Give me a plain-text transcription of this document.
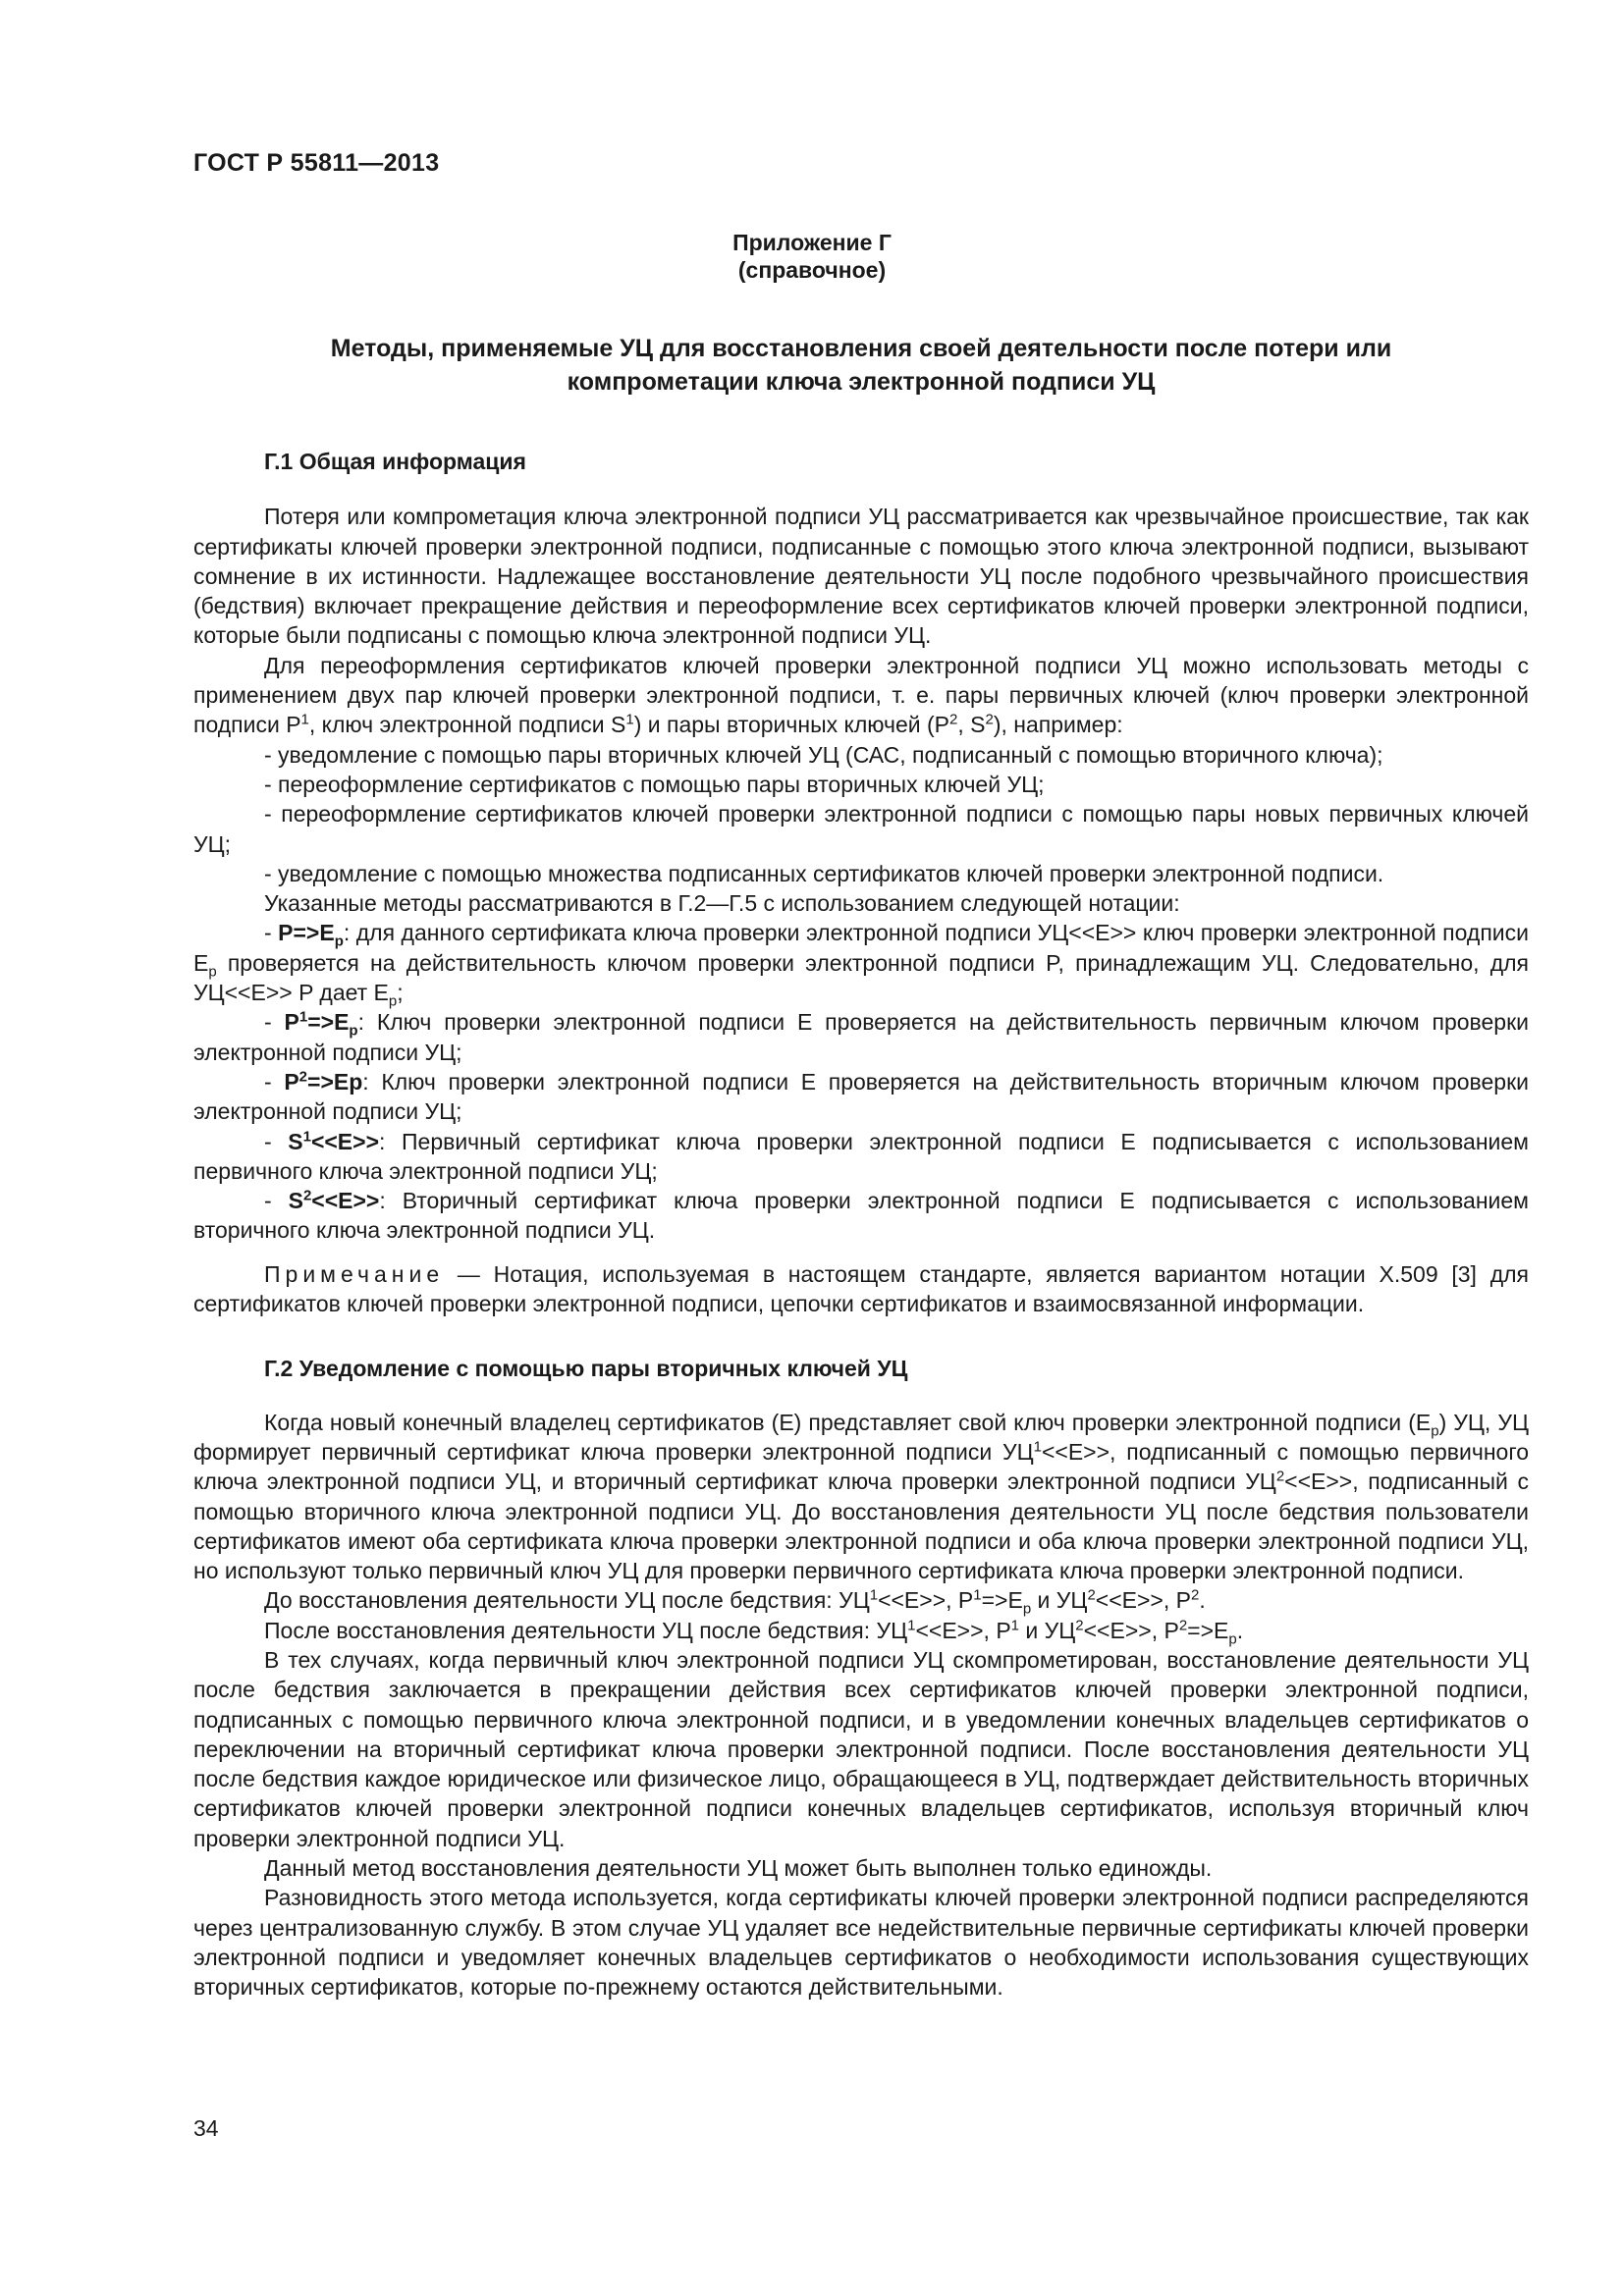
ГОСТ Р 55811—2013
Приложение Г
(справочное)
Методы, применяемые УЦ для восстановления своей деятельности после потери или
компрометации ключа электронной подписи УЦ
Г.1 Общая информация

Потеря или компрометация ключа электронной подписи УЦ рассматривается как чрезвычайное происшествие, так как сертификаты ключей проверки электронной подписи, подписанные с помощью этого ключа электронной подписи, вызывают сомнение в их истинности. Надлежащее восстановление деятельности УЦ после подобного чрезвычайного происшествия (бедствия) включает прекращение действия и переоформление всех сертификатов ключей проверки электронной подписи, которые были подписаны с помощью ключа электронной подписи УЦ.

Для переоформления сертификатов ключей проверки электронной подписи УЦ можно использовать методы с применением двух пар ключей проверки электронной подписи, т. е. пары первичных ключей (ключ проверки электронной подписи $P^1$, ключ электронной подписи $S^1$) и пары вторичных ключей ($P^2$, $S^2$), например:

- уведомление с помощью пары вторичных ключей УЦ (САС, подписанный с помощью вторичного ключа);

- переоформление сертификатов с помощью пары вторичных ключей УЦ;

- переоформление сертификатов ключей проверки электронной подписи с помощью пары новых первичных ключей УЦ;

- уведомление с помощью множества подписанных сертификатов ключей проверки электронной подписи.

Указанные методы рассматриваются в Г.2—Г.5 с использованием следующей нотации:

- $P=>E_p$: для данного сертификата ключа проверки электронной подписи УЦ<<E>> ключ проверки электронной подписи $E_p$ проверяется на действительность ключом проверки электронной подписи P, принадлежащим УЦ. Следовательно, для УЦ<<E>> P дает $E_p$;

- $P^1=>E_p$: Ключ проверки электронной подписи E проверяется на действительность первичным ключом проверки электронной подписи УЦ;

- $P^2=>Ep$: Ключ проверки электронной подписи E проверяется на действительность вторичным ключом проверки электронной подписи УЦ;

- $S^1<<E>>$: Первичный сертификат ключа проверки электронной подписи E подписывается с использованием первичного ключа электронной подписи УЦ;

- $S^2<<E>>$: Вторичный сертификат ключа проверки электронной подписи E подписывается с использованием вторичного ключа электронной подписи УЦ.

Примечание — Нотация, используемая в настоящем стандарте, является вариантом нотации X.509 [3] для сертификатов ключей проверки электронной подписи, цепочки сертификатов и взаимосвязанной информации.

Г.2 Уведомление с помощью пары вторичных ключей УЦ

Когда новый конечный владелец сертификатов (E) представляет свой ключ проверки электронной подписи $(E_p)$ УЦ, УЦ формирует первичный сертификат ключа проверки электронной подписи $УЦ^1<<E>>$, подписанный с помощью первичного ключа электронной подписи УЦ, и вторичный сертификат ключа проверки электронной подписи $УЦ^2<<E>>$, подписанный с помощью вторичного ключа электронной подписи УЦ. До восстановления деятельности УЦ после бедствия пользователи сертификатов имеют оба сертификата ключа проверки электронной подписи и оба ключа проверки электронной подписи УЦ, но используют только первичный ключ УЦ для проверки первичного сертификата ключа проверки электронной подписи.

До восстановления деятельности УЦ после бедствия: $УЦ^1<<E>>$, $P^1=>E_p$ и $УЦ^2<<E>>$, $P^2$.

После восстановления деятельности УЦ после бедствия: $УЦ^1<<E>>$, $P^1$ и $УЦ^2<<E>>$, $P^2=>E_p$.

В тех случаях, когда первичный ключ электронной подписи УЦ скомпрометирован, восстановление деятельности УЦ после бедствия заключается в прекращении действия всех сертификатов ключей проверки электронной подписи, подписанных с помощью первичного ключа электронной подписи, и в уведомлении конечных владельцев сертификатов о переключении на вторичный сертификат ключа проверки электронной подписи. После восстановления деятельности УЦ после бедствия каждое юридическое или физическое лицо, обращающееся в УЦ, подтверждает действительность вторичных сертификатов ключей проверки электронной подписи конечных владельцев сертификатов, используя вторичный ключ проверки электронной подписи УЦ.

Данный метод восстановления деятельности УЦ может быть выполнен только единожды.

Разновидность этого метода используется, когда сертификаты ключей проверки электронной подписи распределяются через централизованную службу. В этом случае УЦ удаляет все недействительные первичные сертификаты ключей проверки электронной подписи и уведомляет конечных владельцев сертификатов о необходимости использования существующих вторичных сертификатов, которые по-прежнему остаются действительными.

34
